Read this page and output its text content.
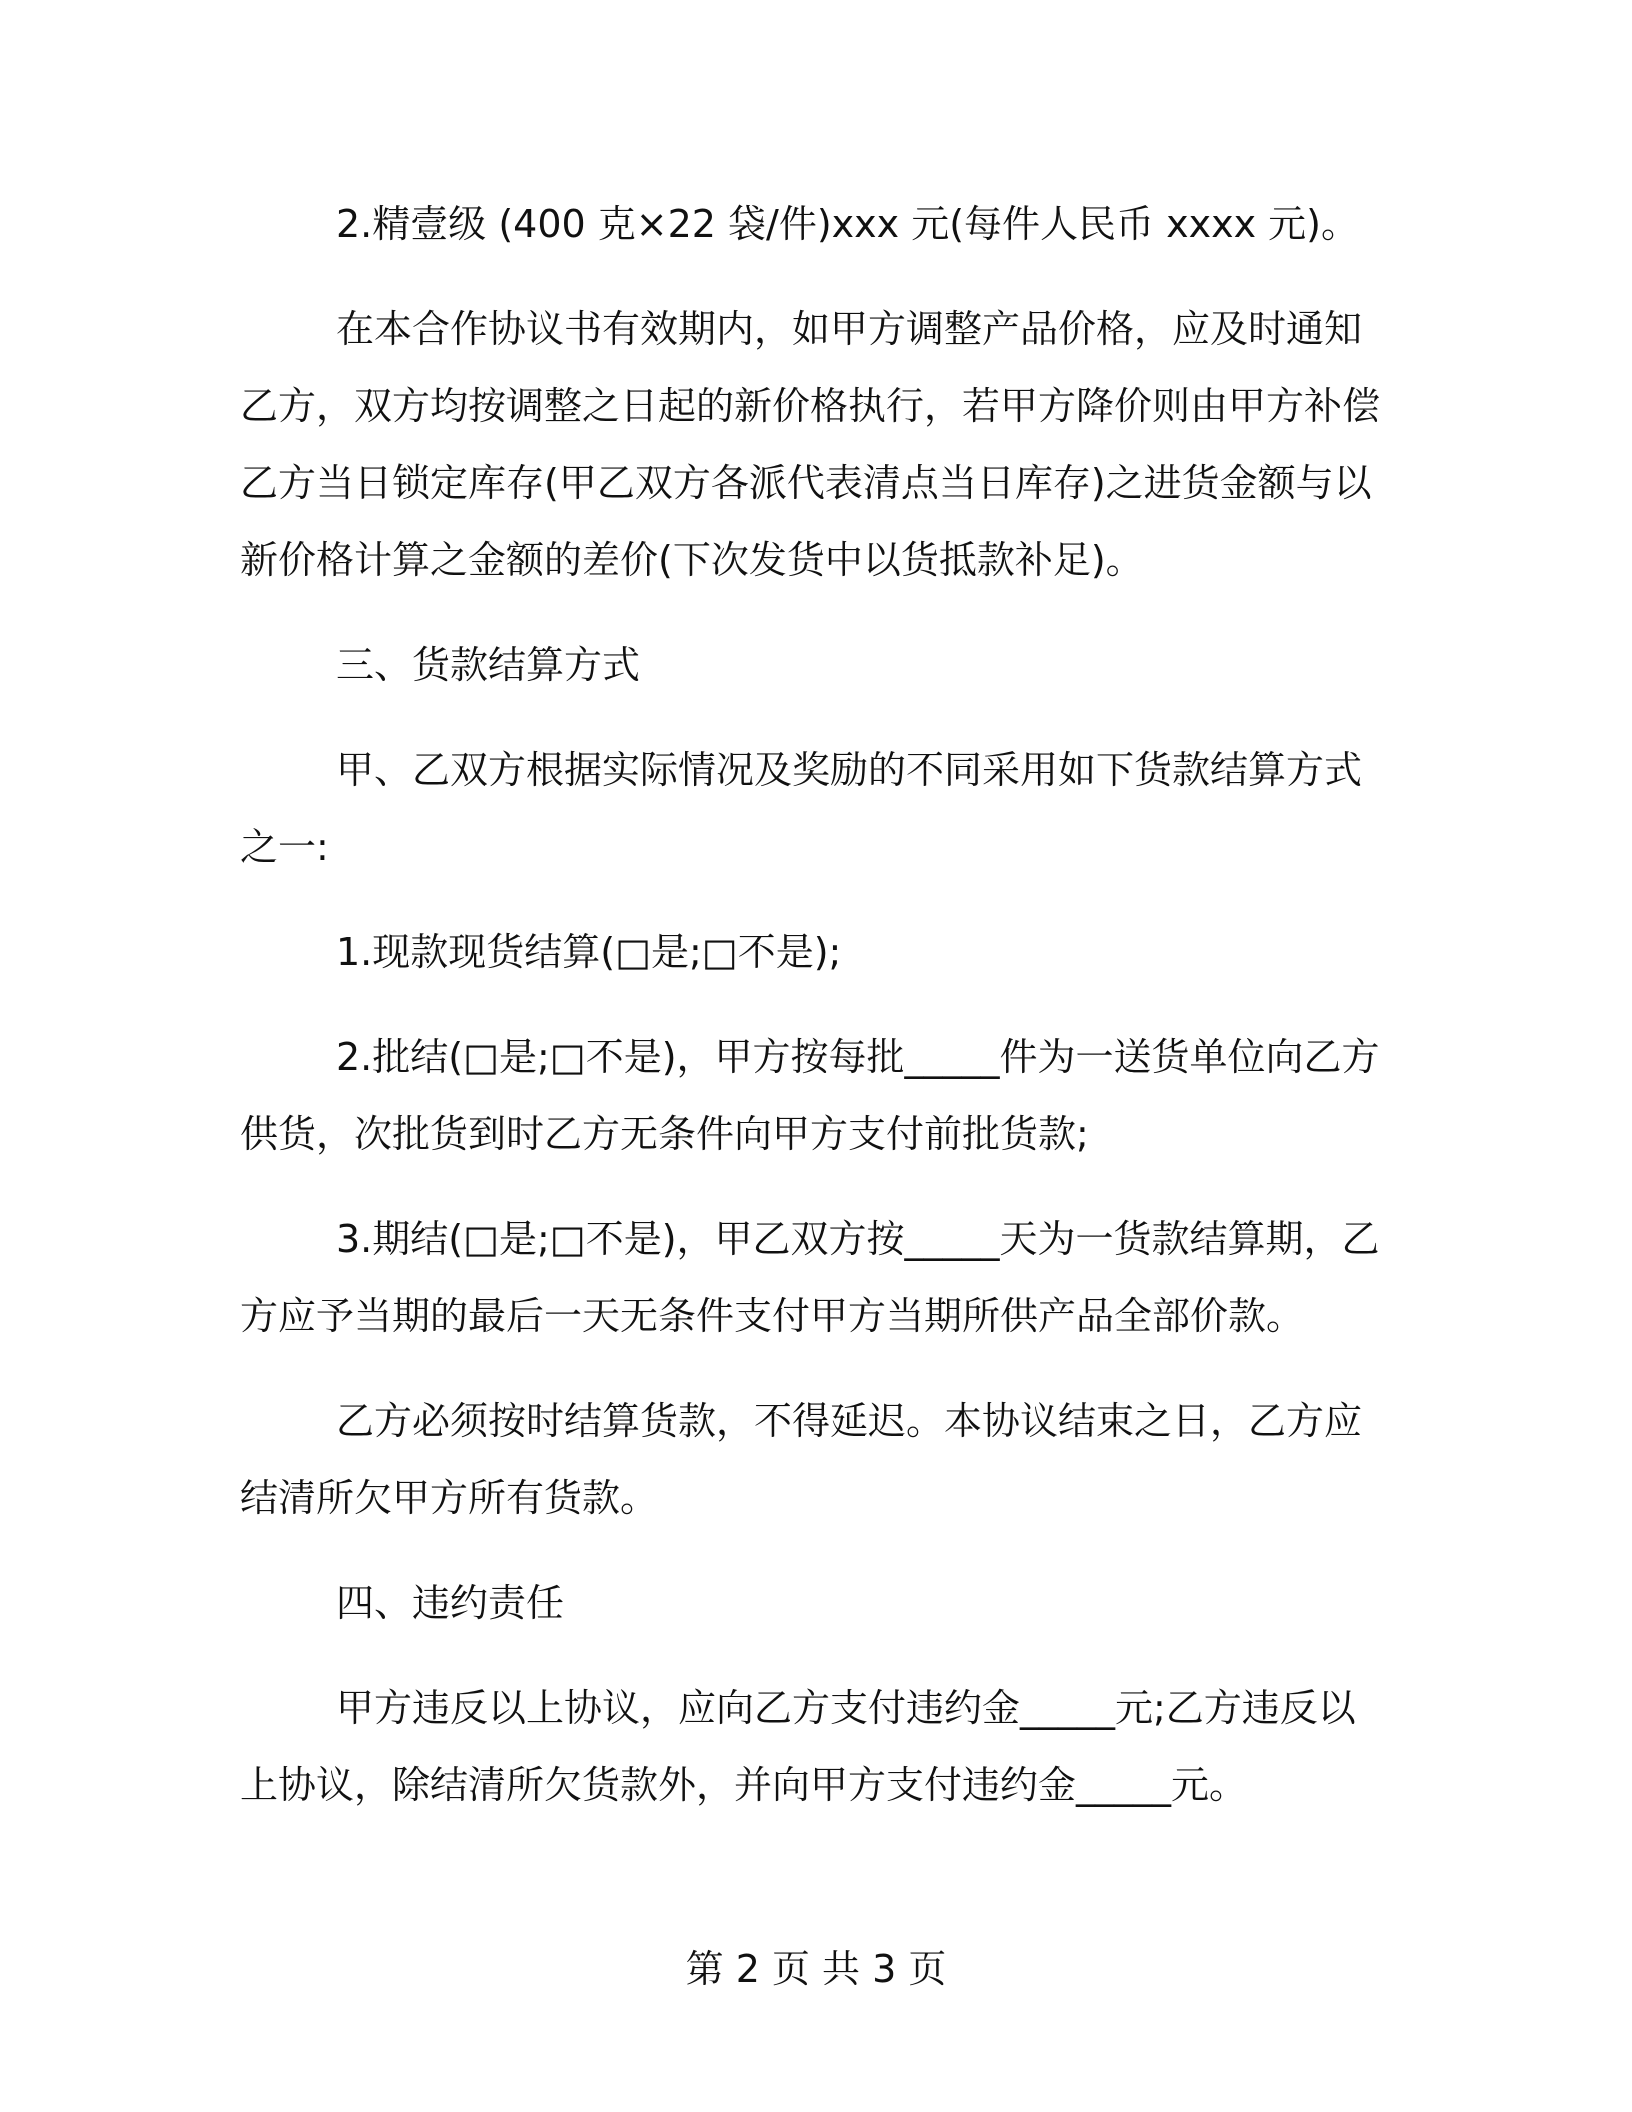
2.精壹级 (400 克×22 袋/件)xxx 元(每件人民币 xxxx 元)。

在本合作协议书有效期内，如甲方调整产品价格，应及时通知乙方，双方均按调整之日起的新价格执行，若甲方降价则由甲方补偿乙方当日锁定库存(甲乙双方各派代表清点当日库存)之进货金额与以新价格计算之金额的差价(下次发货中以货抵款补足)。

三、货款结算方式

甲、乙双方根据实际情况及奖励的不同采用如下货款结算方式之一:

1.现款现货结算(□是;□不是);

2.批结(□是;□不是)，甲方按每批_____件为一送货单位向乙方供货，次批货到时乙方无条件向甲方支付前批货款;

3.期结(□是;□不是)，甲乙双方按_____天为一货款结算期，乙方应予当期的最后一天无条件支付甲方当期所供产品全部价款。

乙方必须按时结算货款，不得延迟。本协议结束之日，乙方应结清所欠甲方所有货款。

四、违约责任

甲方违反以上协议，应向乙方支付违约金_____元;乙方违反以上协议，除结清所欠货款外，并向甲方支付违约金_____元。

第 2 页 共 3 页
